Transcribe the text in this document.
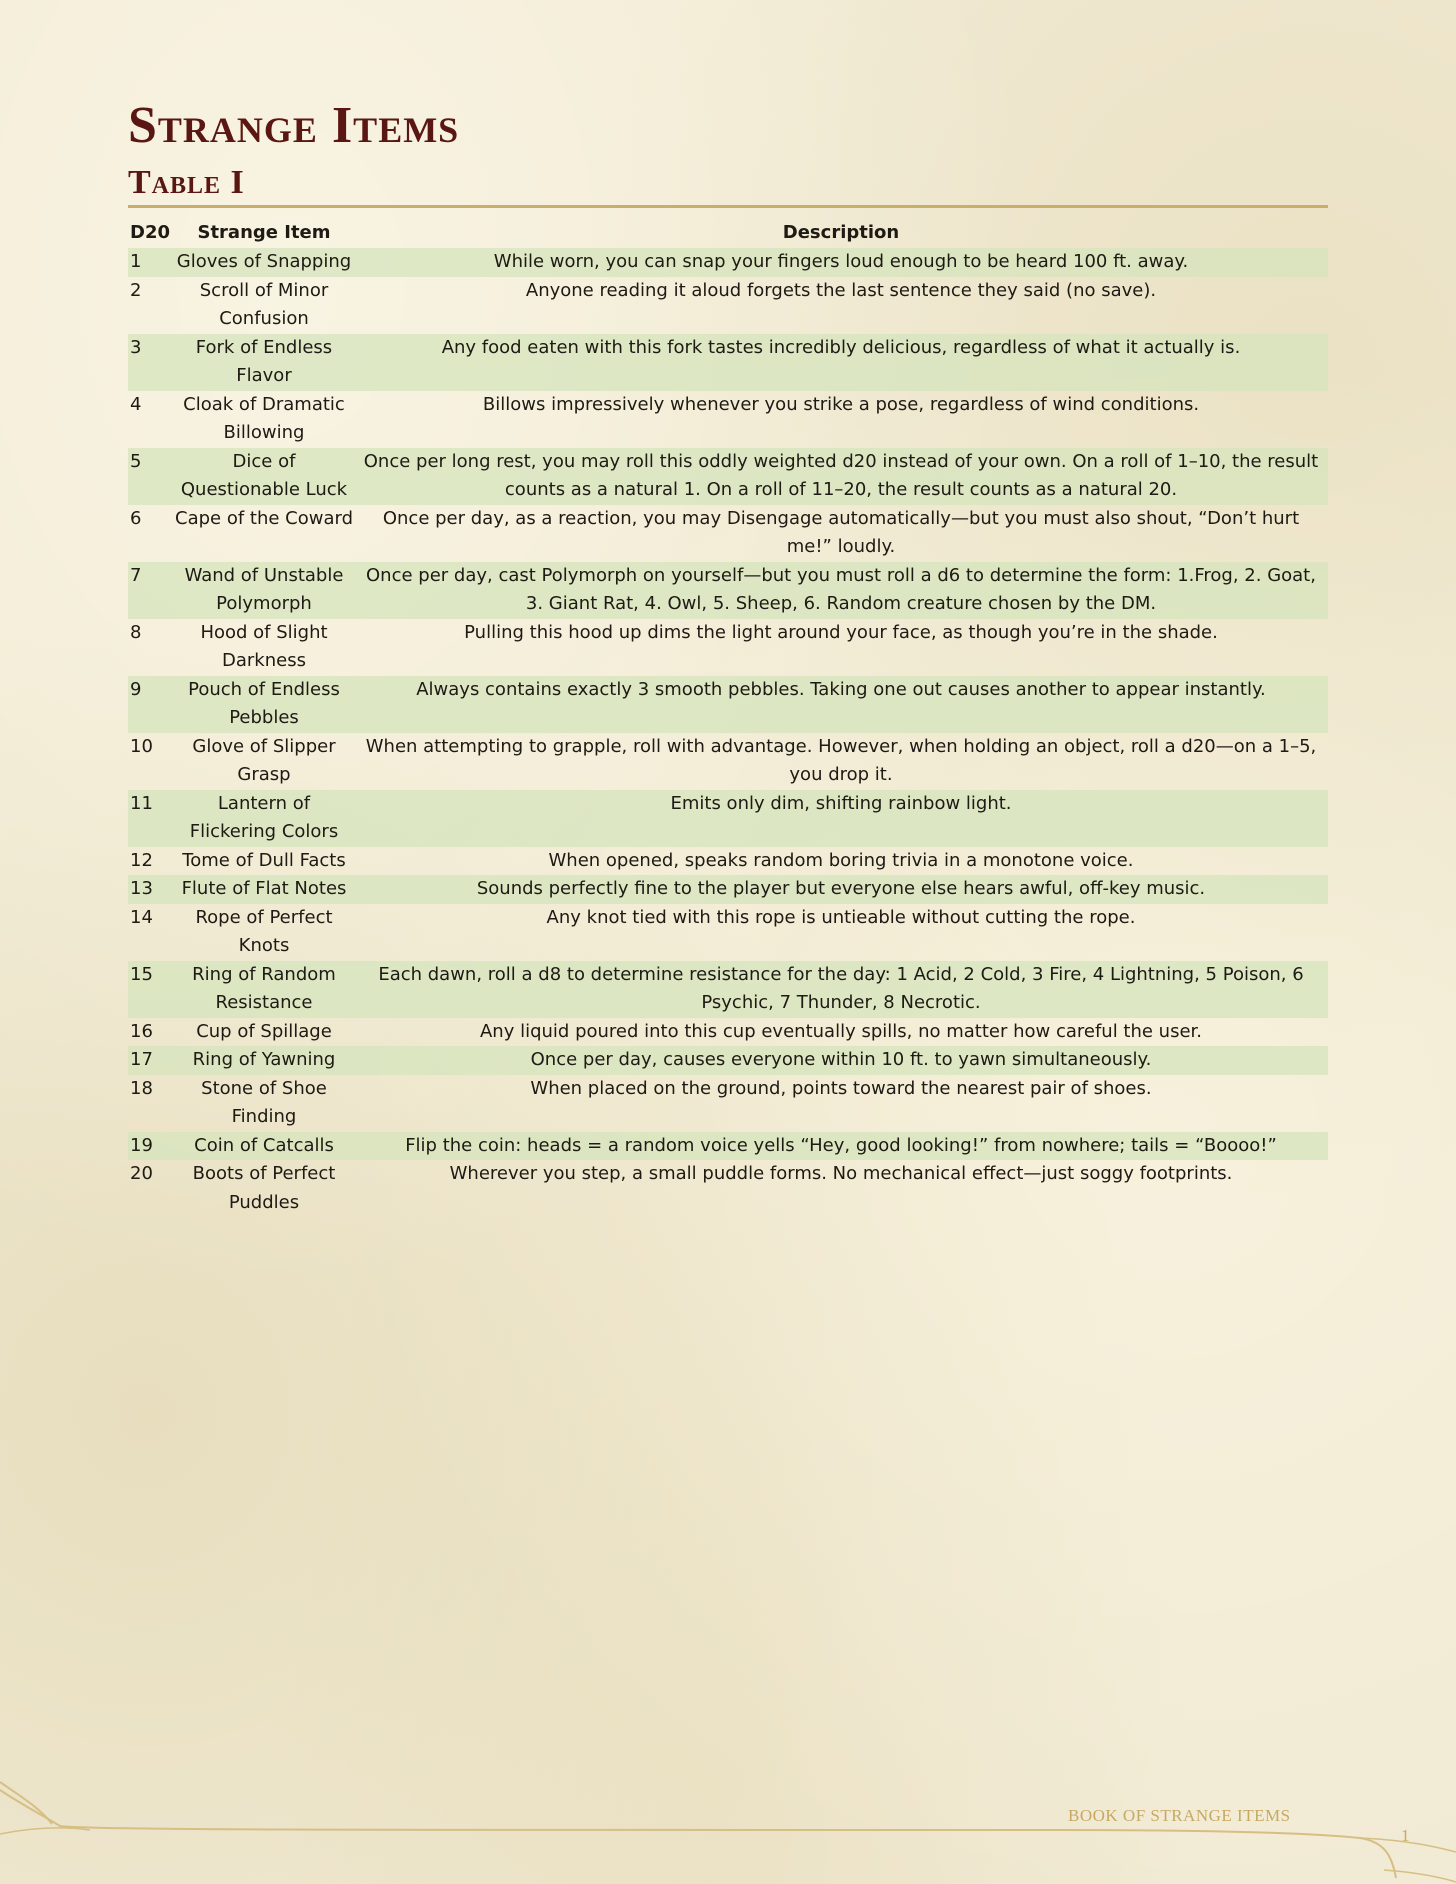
Strange Items
Table I
D20	Strange Item	Description
1	Gloves of Snapping	While worn, you can snap your fingers loud enough to be heard 100 ft. away.
2	Scroll of Minor Confusion	Anyone reading it aloud forgets the last sentence they said (no save).
3	Fork of Endless Flavor	Any food eaten with this fork tastes incredibly delicious, regardless of what it actually is.
4	Cloak of Dramatic Billowing	Billows impressively whenever you strike a pose, regardless of wind conditions.
5	Dice of Questionable Luck	Once per long rest, you may roll this oddly weighted d20 instead of your own. On a roll of 1–10, the result counts as a natural 1. On a roll of 11–20, the result counts as a natural 20.
6	Cape of the Coward	Once per day, as a reaction, you may Disengage automatically—but you must also shout, “Don’t hurt me!” loudly.
7	Wand of Unstable Polymorph	Once per day, cast Polymorph on yourself—but you must roll a d6 to determine the form: 1.Frog, 2. Goat, 3. Giant Rat, 4. Owl, 5. Sheep, 6. Random creature chosen by the DM.
8	Hood of Slight Darkness	Pulling this hood up dims the light around your face, as though you’re in the shade.
9	Pouch of Endless Pebbles	Always contains exactly 3 smooth pebbles. Taking one out causes another to appear instantly.
10	Glove of Slipper Grasp	When attempting to grapple, roll with advantage. However, when holding an object, roll a d20—on a 1–5, you drop it.
11	Lantern of Flickering Colors	Emits only dim, shifting rainbow light.
12	Tome of Dull Facts	When opened, speaks random boring trivia in a monotone voice.
13	Flute of Flat Notes	Sounds perfectly fine to the player but everyone else hears awful, off-key music.
14	Rope of Perfect Knots	Any knot tied with this rope is untieable without cutting the rope.
15	Ring of Random Resistance	Each dawn, roll a d8 to determine resistance for the day: 1 Acid, 2 Cold, 3 Fire, 4 Lightning, 5 Poison, 6 Psychic, 7 Thunder, 8 Necrotic.
16	Cup of Spillage	Any liquid poured into this cup eventually spills, no matter how careful the user.
17	Ring of Yawning	Once per day, causes everyone within 10 ft. to yawn simultaneously.
18	Stone of Shoe Finding	When placed on the ground, points toward the nearest pair of shoes.
19	Coin of Catcalls	Flip the coin: heads = a random voice yells “Hey, good looking!” from nowhere; tails = “Boooo!”
20	Boots of Perfect Puddles	Wherever you step, a small puddle forms. No mechanical effect—just soggy footprints.
BOOK OF STRANGE ITEMS
1
